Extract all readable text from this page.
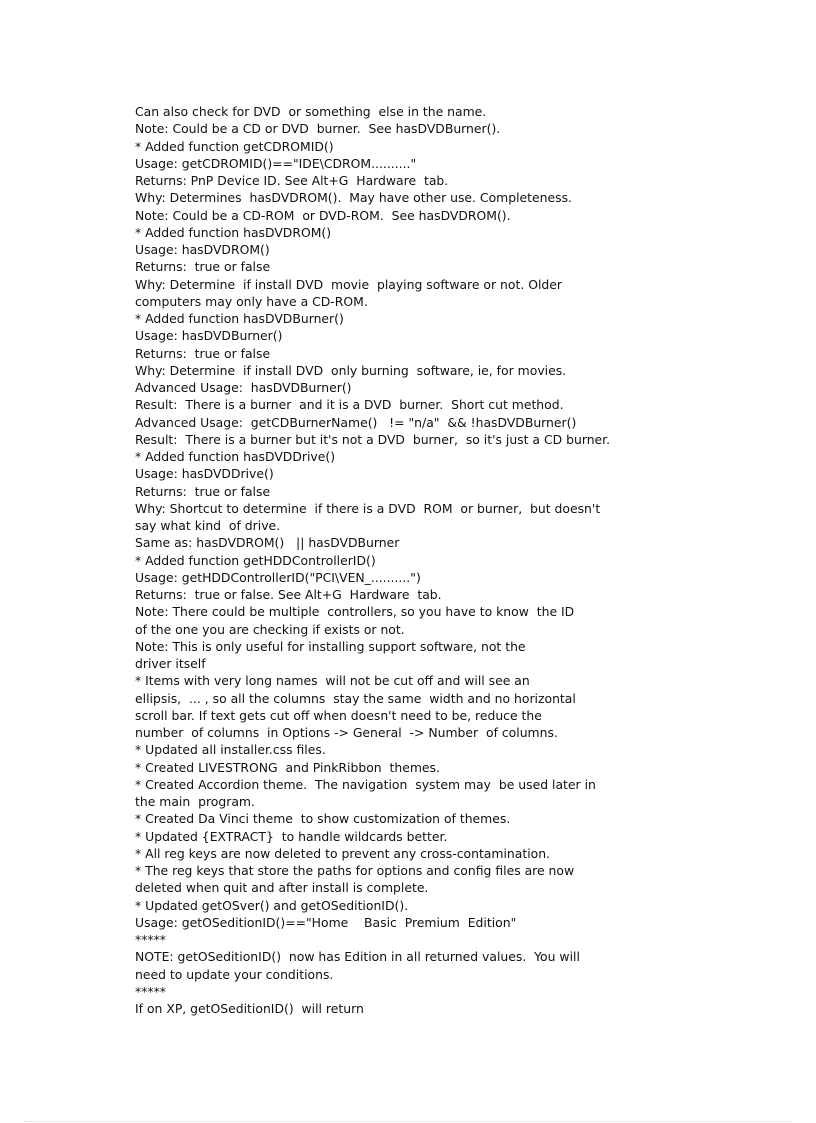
Can also check for DVD  or something  else in the name.
Note: Could be a CD or DVD  burner.  See hasDVDBurner().
* Added function getCDROMID()
Usage: getCDROMID()=="IDE\CDROM.........."
Returns: PnP Device ID. See Alt+G  Hardware  tab.
Why: Determines  hasDVDROM().  May have other use. Completeness.
Note: Could be a CD-ROM  or DVD-ROM.  See hasDVDROM().
* Added function hasDVDROM()
Usage: hasDVDROM()
Returns:  true or false
Why: Determine  if install DVD  movie  playing software or not. Older
computers may only have a CD-ROM.
* Added function hasDVDBurner()
Usage: hasDVDBurner()
Returns:  true or false
Why: Determine  if install DVD  only burning  software, ie, for movies.
Advanced Usage:  hasDVDBurner()
Result:  There is a burner  and it is a DVD  burner.  Short cut method.
Advanced Usage:  getCDBurnerName()   != "n/a"  && !hasDVDBurner()
Result:  There is a burner but it's not a DVD  burner,  so it's just a CD burner.
* Added function hasDVDDrive()
Usage: hasDVDDrive()
Returns:  true or false
Why: Shortcut to determine  if there is a DVD  ROM  or burner,  but doesn't
say what kind  of drive.
Same as: hasDVDROM()   || hasDVDBurner
* Added function getHDDControllerID()
Usage: getHDDControllerID("PCI\VEN_..........")
Returns:  true or false. See Alt+G  Hardware  tab.
Note: There could be multiple  controllers, so you have to know  the ID
of the one you are checking if exists or not.
Note: This is only useful for installing support software, not the
driver itself
* Items with very long names  will not be cut off and will see an
ellipsis,  ... , so all the columns  stay the same  width and no horizontal
scroll bar. If text gets cut off when doesn't need to be, reduce the
number  of columns  in Options -> General  -> Number  of columns.
* Updated all installer.css files.
* Created LIVESTRONG  and PinkRibbon  themes.
* Created Accordion theme.  The navigation  system may  be used later in
the main  program.
* Created Da Vinci theme  to show customization of themes.
* Updated {EXTRACT}  to handle wildcards better.
* All reg keys are now deleted to prevent any cross-contamination.
* The reg keys that store the paths for options and config files are now
deleted when quit and after install is complete.
* Updated getOSver() and getOSeditionID().
Usage: getOSeditionID()=="Home    Basic  Premium  Edition"
*****
NOTE: getOSeditionID()  now has Edition in all returned values.  You will
need to update your conditions.
*****
If on XP, getOSeditionID()  will return
